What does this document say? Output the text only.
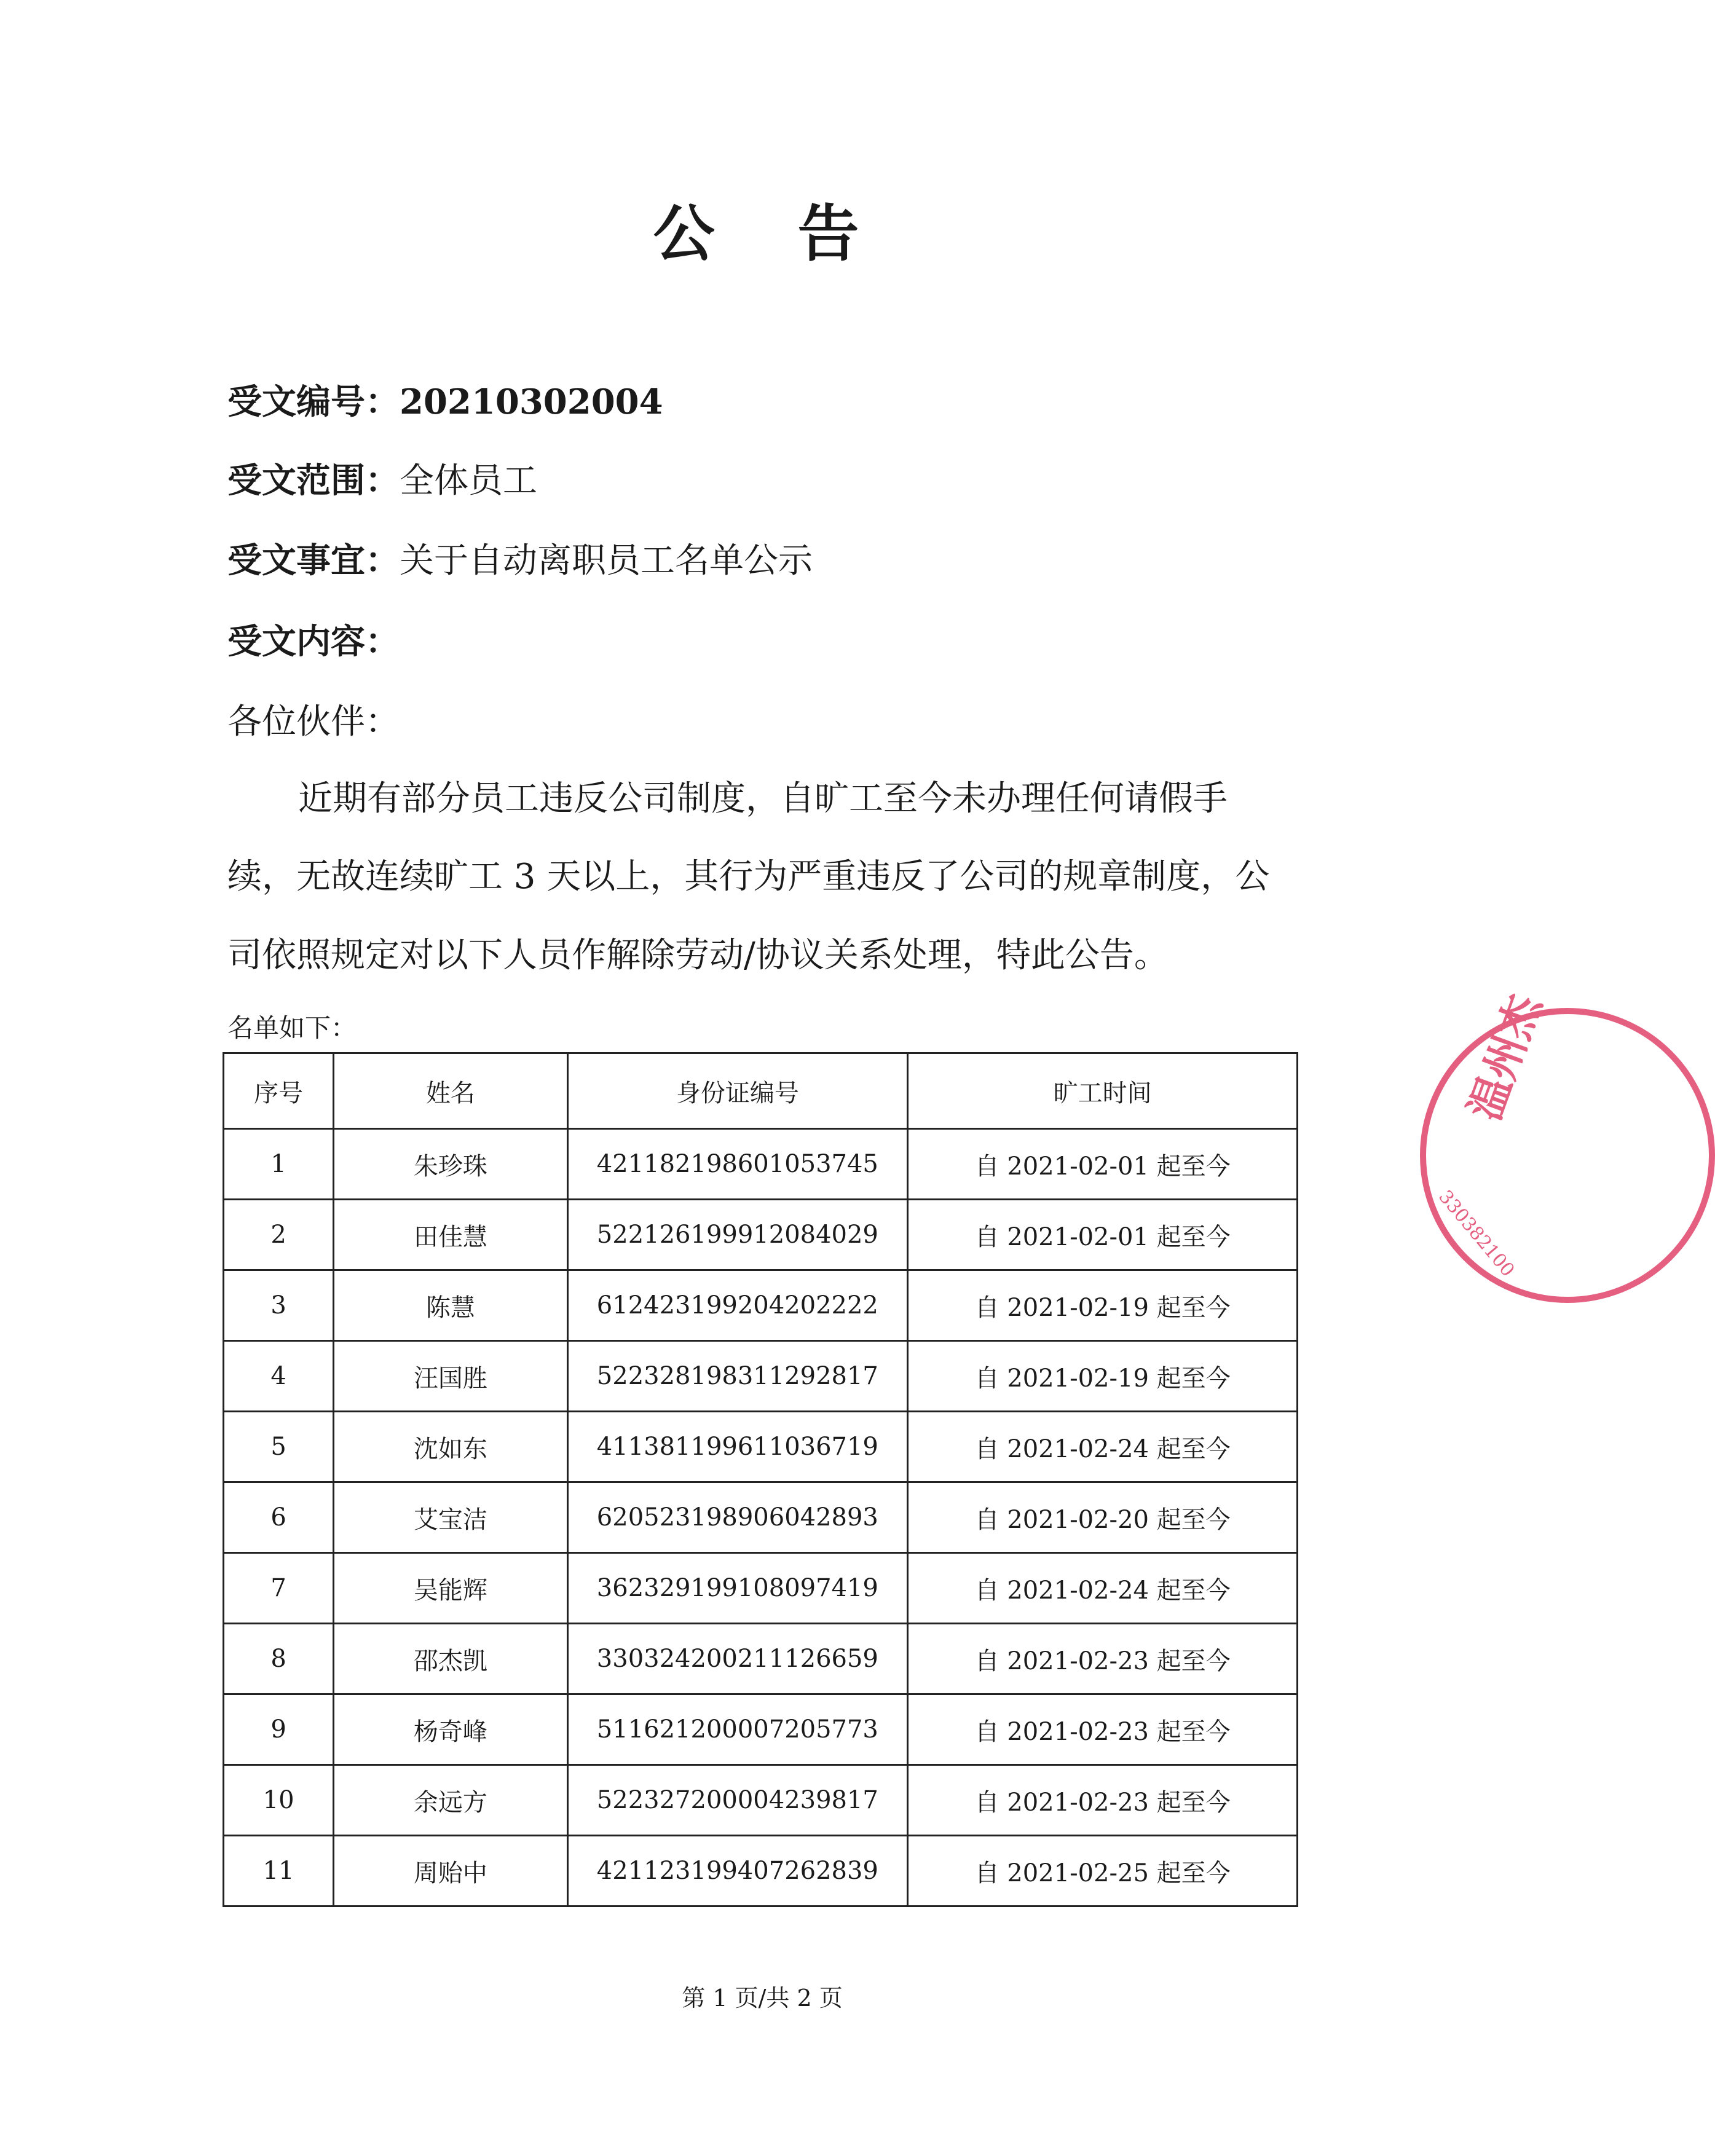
公 告
受文编号：20210302004
受文范围：全体员工
受文事宜：关于自动离职员工名单公示
受文内容：
各位伙伴：
近期有部分员工违反公司制度，自旷工至今未办理任何请假手
续，无故连续旷工 3 天以上，其行为严重违反了公司的规章制度，公
司依照规定对以下人员作解除劳动/协议关系处理，特此公告。
名单如下：
序号	姓名	身份证编号	旷工时间
1	朱珍珠	421182198601053745	自 2021-02-01 起至今
2	田佳慧	522126199912084029	自 2021-02-01 起至今
3	陈慧	612423199204202222	自 2021-02-19 起至今
4	汪国胜	522328198311292817	自 2021-02-19 起至今
5	沈如东	411381199611036719	自 2021-02-24 起至今
6	艾宝洁	620523198906042893	自 2021-02-20 起至今
7	吴能辉	362329199108097419	自 2021-02-24 起至今
8	邵杰凯	330324200211126659	自 2021-02-23 起至今
9	杨奇峰	511621200007205773	自 2021-02-23 起至今
10	余远方	522327200004239817	自 2021-02-23 起至今
11	周贻中	421123199407262839	自 2021-02-25 起至今
第 1 页/共 2 页
温州杰
330382100
